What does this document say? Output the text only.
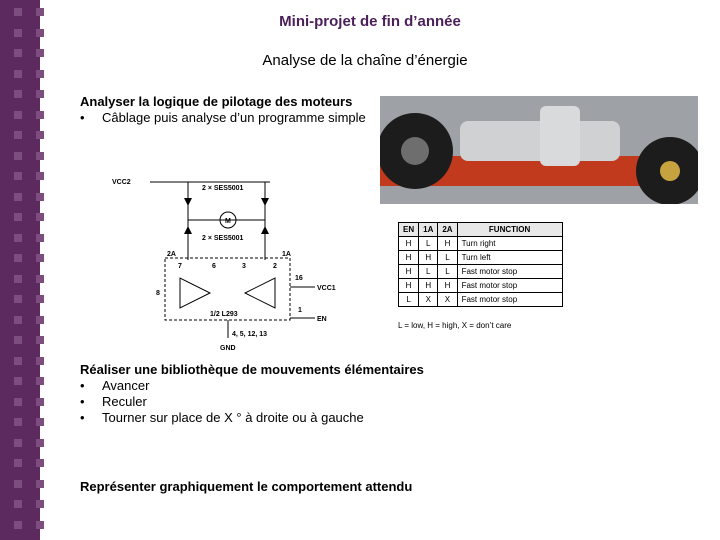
Mini-projet de fin d’année
Analyse de la chaîne d’énergie
Analyser la logique de pilotage des moteurs
•	Câblage puis analyse d’un programme simple
VCC2
2 × SES5001
M
2 × SES5001
2A	1A
7	6	3	2
8
16
VCC1
1
EN
1/2 L293
4, 5, 12, 13
GND
EN	1A	2A	FUNCTION
H	L	H	Turn right
H	H	L	Turn left
H	L	L	Fast motor stop
H	H	H	Fast motor stop
L	X	X	Fast motor stop
L = low, H = high, X = don’t care
Réaliser une bibliothèque de mouvements élémentaires
•	Avancer
•	Reculer
•	Tourner sur place de X ° à droite ou à gauche
Représenter graphiquement le comportement attendu
